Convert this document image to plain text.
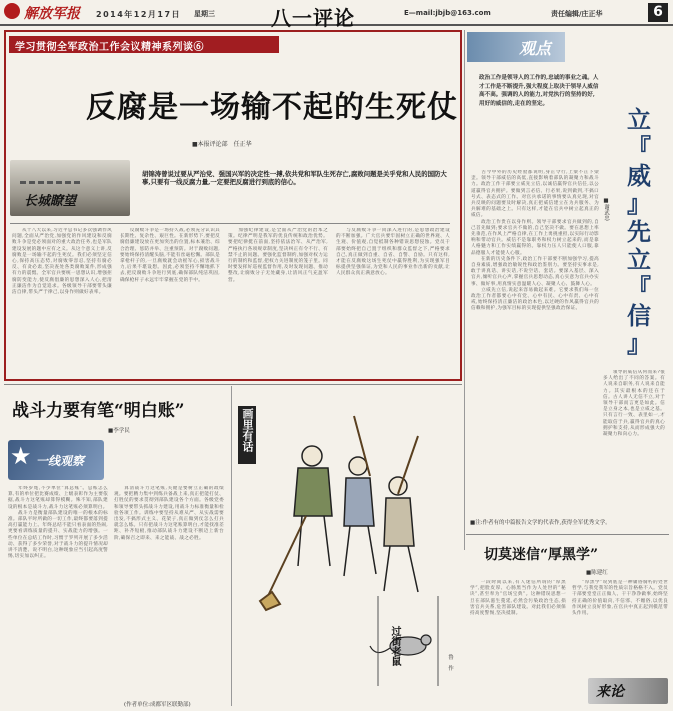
解放军报 2014年12月17日 星期三	八一评论	E—mail:jbjb@163.com	责任编辑/庄正华	6
学习贯彻全军政治工作会议精神系列谈⑥
反腐是一场输不起的生死仗
■本报评论部　任正华
胡锦涛曾说过要从严治党、强国兴军的决定性一搏,依共党和军队生死存亡,腐败问题是关乎党和人民的国防大事,只要有一线反腐力量,一定要把反腐进行到底的信心。
长城瞭望
　　从十八大以来,习近平总书记多次强调作风问题,全面从严治党,加强党的作风建设和反腐败斗争是党必须面对的重大政治任务,也是军队建设发展的题中应有之义。从这个意义上讲,反腐败是一场输不起的生死仗。我们必须坚定信心,保持高压态势,对腐败零容忍,坚持有腐必反、有贪必肃,坚决查处各类腐败案件,形成强有力的震慑。全军官兵要统一思想认识,增强拒腐防变能力,使反腐倡廉的思想深入人心,把清正廉洁作为自觉追求。各级领导干部要带头廉洁自律,带头严于律己,以身作则做好表率。
　　反腐败斗争是一场持久战,必须充分认识其长期性、复杂性、艰巨性。在新形势下,要把反腐倡廉建设放在更加突出的位置,标本兼治、综合治理、惩防并举、注重预防。对于腐败问题,要始终保持清醒头脑,不能有丝毫松懈。部队是拿枪杆子的,一旦腐败就会动摇军心,损害战斗力,后果不堪设想。因此,必须坚持不懈地抓下去,把反腐败斗争进行到底,确保部队纯洁巩固,确保枪杆子永远牢牢掌握在党的手中。
　　加强纪律建设,是全面从严治党的治本之策。纪律严明是我军的优良传统和政治优势。要把纪律挺在前面,坚持依法治军、从严治军,严格执行各项规章制度,坚决纠正有令不行、有禁不止的问题。要强化监督制约,加强对权力运行的制约和监督,把权力关进制度的笼子里。同时要发挥好巡视监督作用,及时发现问题、推动整改,让腐败分子无处藏身,让清风正气充盈军营。
　　与反腐败斗争一同深入进行的,是思想政治建设的不断加强。广大官兵要牢固树立正确的世界观、人生观、价值观,自觉抵制各种错误思想侵蚀。党员干部要始终把自己置于组织和群众监督之下,严格要求自己,真正做到自重、自省、自警、自励。只有这样,才能在反腐败这场生死仗中赢得胜利,为实现强军目标提供坚强保证,为党和人民的事业作出新的贡献,让人民群众真正满意放心。
观点
政治工作是领导人的工作的,忠诚的事业之魂。人才工作是不断提升,强大程度上取决于领导人威信高不高。强调的人的能力,对党执行的坚持的好,用好的威信的,走在的坚定。
立
『
威
』
先
立
『
信
』
■谢武忠
　　古今中外的历史经验都说明,身正令行,上梁不正下梁歪。领导干部威信的高低,直接影响着部队的凝聚力和战斗力。政治工作干部要立威先立信,以诚信赢得官兵信任,以公道赢得官兵拥护。要做到言必信、行必果,说到做到,不搞口号式、表态式的工作。对官兵承诺的事情要认真兑现,对官兵反映的问题要及时解决,真正把威信建立在为兵服务、为兵解难的基础之上。只有这样,才能在官兵中树立起真正的威信。
　　政治工作贵在以身作则。领导干部要求官兵做到的,自己首先做到;要求官兵不做的,自己坚决不做。要在思想上率先垂范,在作风上严格自律,在工作上勇挑重担,以实际行动影响和带动官兵。威信不是靠职务和权力树立起来的,而是靠人格魅力和工作实绩赢得的。靠权力压人只能使人口服,靠品德服人才能使人心服。
　　在新的历史条件下,政治工作干部要不断加强学习,提高自身素质,增强政治敏锐性和政治鉴别力。要坚持实事求是,敢于讲真话、讲实话,不说空话、套话。要深入基层、深入官兵,倾听官兵心声,掌握官兵思想动态,真心实意为官兵办实事、做好事,用真情实意温暖人心、凝聚人心、鼓舞人心。
　　立威先立信,说起来容易做起来难。它要求我们每一位政治工作者都要心中有党、心中有民、心中有责、心中有戒,始终保持清正廉洁的政治本色,以过硬的作风赢得官兵的信赖和拥护,为强军目标的实现提供坚强政治保证。
　　领导的威信从何而来?很多人给出了不同的答案。有人说来自职务,有人说来自能力。其实最根本的还在于信。古人讲人无信不立,对于领导干部而言更是如此。信是立身之本,也是立威之基。只有言行一致、表里如一,才能取信于兵,赢得官兵的真心拥护和支持,从而形成强大的凝聚力和向心力。
战斗力要有笔“明白账”
■李学民
★ 一线观察
　　年终岁尾,不少单位“算总账”。总账怎么算,有的单位把比赛成绩、上级表彰作为主要依据,战斗力这笔账却算得模糊。殊不知,部队建设的根本是战斗力,战斗力这笔账必须算明白。
　　战斗力是衡量部队建设的唯一的根本的标准。部队平时所做的一切工作,最终都要落到提高打赢能力上。年终总结不能只看表面的热闹,更要看训练质量的提升、实战能力的增强。一些单位在总结工作时,习惯于罗列开展了多少活动、获得了多少荣誉,对于战斗力的提升情况却讲不清楚、说不明白,这种现象应当引起高度警惕,切实加以纠正。
　　算清战斗力这笔账,关键是要树立正确的政绩观。要把精力集中到练兵备战上来,真正把能打仗、打胜仗的要求贯彻到部队建设各个方面。各级党委和领导要带头抓战斗力建设,用战斗力标准衡量和检验各项工作。训练中要坚持从难从严、从实战需要出发,不搞形式主义、花架子,真正做到仗怎么打兵就怎么练。只有把战斗力这笔账算明白,才能找准差距、补齐短板,推动部队战斗力建设不断迈上新台阶,确保召之即来、来之能战、战之必胜。
(作者单位:成都军区联勤部)
画里有话
过街老鼠	鲁　作
■注:作者有的中篇报告文学的代表作,获得全军优秀文学。
切莫迷信“厚黑学”
■陈建红
　　一段时间以来,有人迷信所谓的“厚黑学”,把脸皮厚、心肠黑当作为人处世的“秘诀”,甚至奉为“官场宝典”。这种错误思想一旦在部队滋生蔓延,必然会污染政治生态,损害官兵关系,危害部队建设。对此我们必须保持高度警惕,坚决抵制。
　　“厚黑学”说到底是一种庸俗腐朽的处世哲学,与我党我军的性质宗旨格格不入。党员干部要堂堂正正做人、干干净净做事,始终坚持正确的价值取向,不信邪、不媚俗,以优良作风树立良好形象,在官兵中真正起到模范带头作用。
来论
